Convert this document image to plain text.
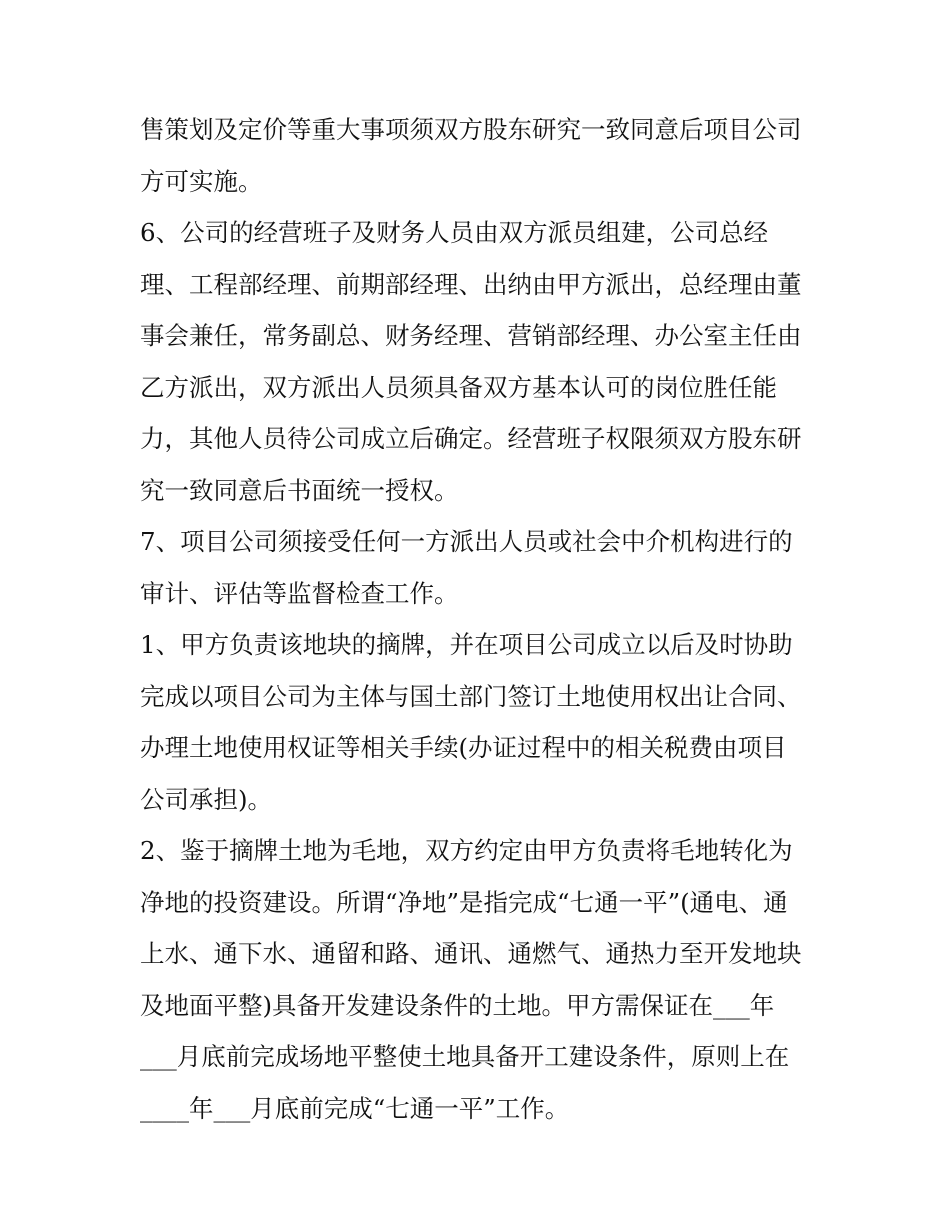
售策划及定价等重大事项须双方股东研究一致同意后项目公司
方可实施。
6、公司的经营班子及财务人员由双方派员组建，公司总经
理、工程部经理、前期部经理、出纳由甲方派出，总经理由董
事会兼任，常务副总、财务经理、营销部经理、办公室主任由
乙方派出，双方派出人员须具备双方基本认可的岗位胜任能
力，其他人员待公司成立后确定。经营班子权限须双方股东研
究一致同意后书面统一授权。
7、项目公司须接受任何一方派出人员或社会中介机构进行的
审计、评估等监督检查工作。
1、甲方负责该地块的摘牌，并在项目公司成立以后及时协助
完成以项目公司为主体与国土部门签订土地使用权出让合同、
办理土地使用权证等相关手续(办证过程中的相关税费由项目
公司承担)。
2、鉴于摘牌土地为毛地，双方约定由甲方负责将毛地转化为
净地的投资建设。所谓“净地”是指完成“七通一平”(通电、通
上水、通下水、通留和路、通讯、通燃气、通热力至开发地块
及地面平整)具备开发建设条件的土地。甲方需保证在___年
___月底前完成场地平整使土地具备开工建设条件，原则上在
____年___月底前完成“七通一平”工作。
